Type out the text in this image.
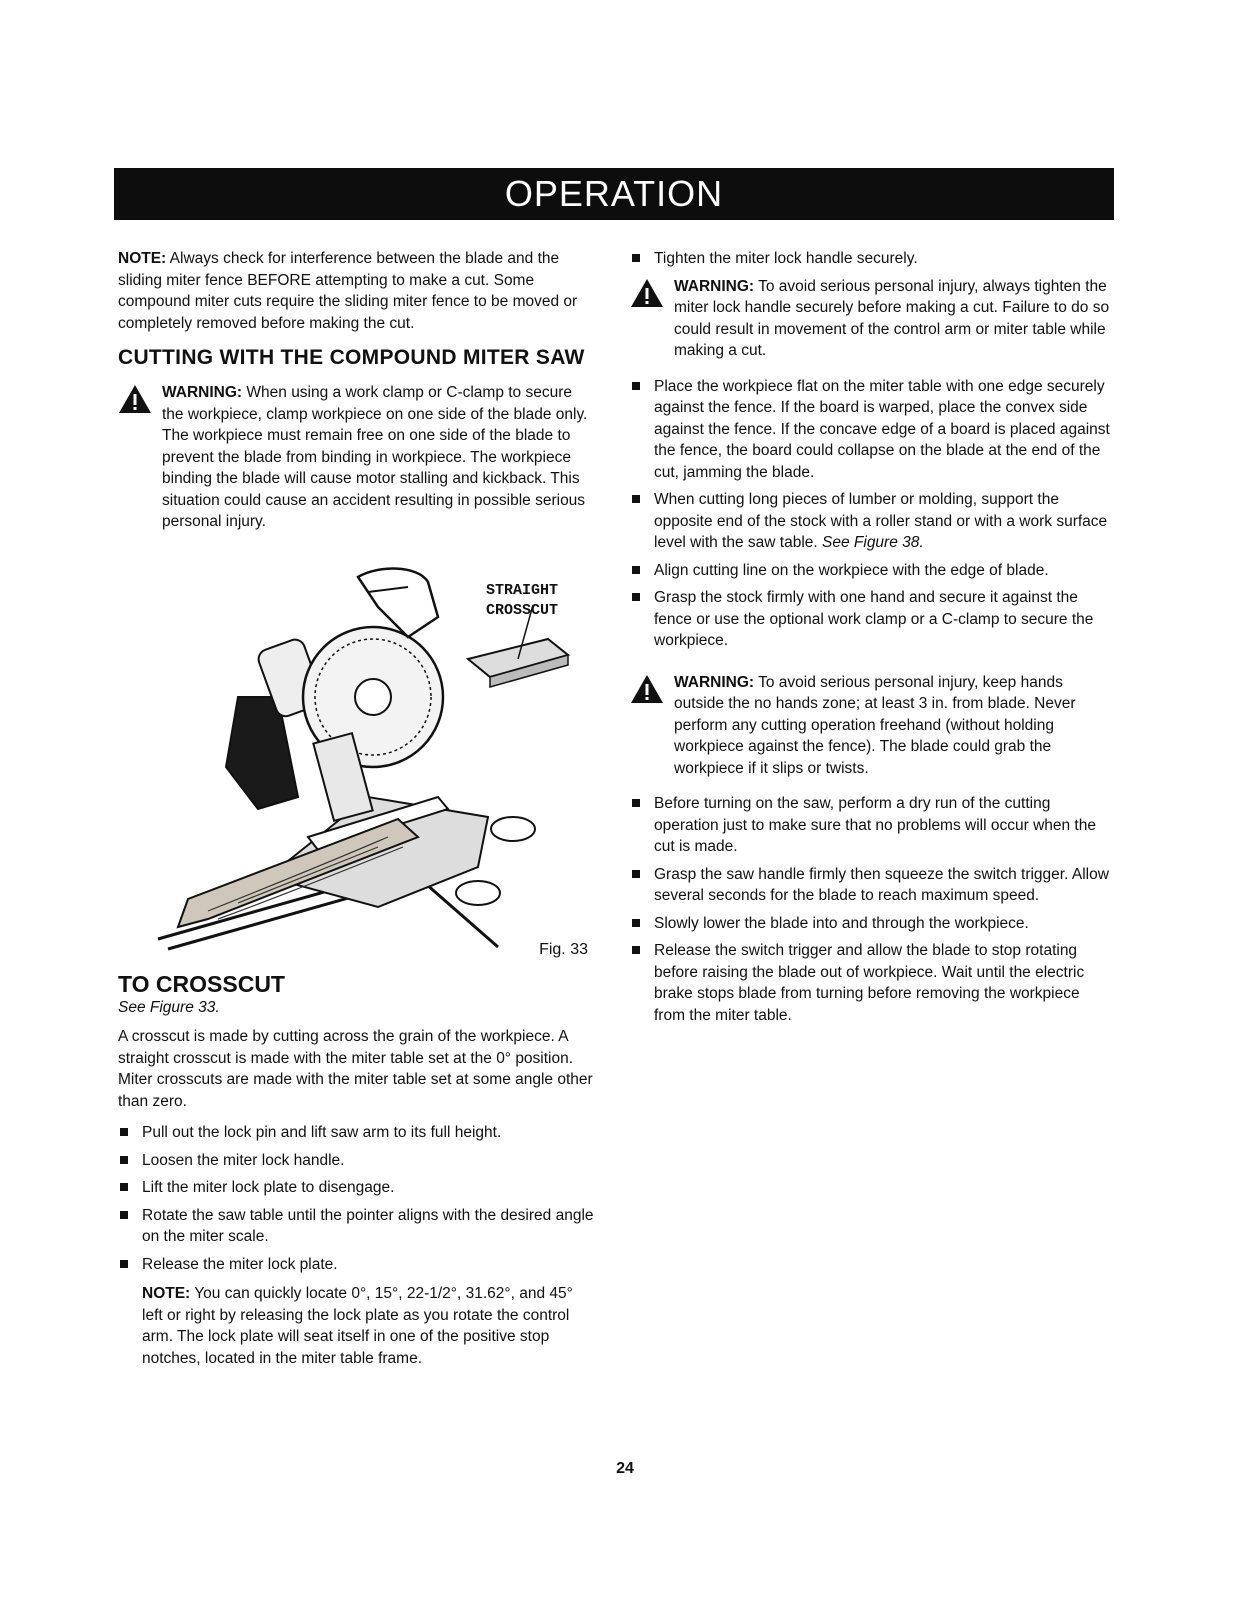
OPERATION

NOTE: Always check for interference between the blade and the sliding miter fence BEFORE attempting to make a cut. Some compound miter cuts require the sliding miter fence to be moved or completely removed before making the cut.

CUTTING WITH THE COMPOUND MITER SAW
WARNING: When using a work clamp or C-clamp to secure the workpiece, clamp workpiece on one side of the blade only. The workpiece must remain free on one side of the blade to prevent the blade from binding in workpiece. The workpiece binding the blade will cause motor stalling and kickback. This situation could cause an accident resulting in possible serious personal injury.
STRAIGHT
CROSSCUT
Fig. 33
TO CROSSCUT
See Figure 33.

A crosscut is made by cutting across the grain of the workpiece. A straight crosscut is made with the miter table set at the 0° position. Miter crosscuts are made with the miter table set at some angle other than zero.

Pull out the lock pin and lift saw arm to its full height.
Loosen the miter lock handle.
Lift the miter lock plate to disengage.
Rotate the saw table until the pointer aligns with the desired angle on the miter scale.
Release the miter lock plate.

NOTE: You can quickly locate 0°, 15°, 22-1/2°, 31.62°, and 45° left or right by releasing the lock plate as you rotate the control arm. The lock plate will seat itself in one of the positive stop notches, located in the miter table frame.

Tighten the miter lock handle securely.
WARNING: To avoid serious personal injury, always tighten the miter lock handle securely before making a cut. Failure to do so could result in movement of the control arm or miter table while making a cut.
Place the workpiece flat on the miter table with one edge securely against the fence. If the board is warped, place the convex side against the fence. If the concave edge of a board is placed against the fence, the board could collapse on the blade at the end of the cut, jamming the blade.
When cutting long pieces of lumber or molding, support the opposite end of the stock with a roller stand or with a work surface level with the saw table. See Figure 38.
Align cutting line on the workpiece with the edge of blade.
Grasp the stock firmly with one hand and secure it against the fence or use the optional work clamp or a C-clamp to secure the workpiece.
WARNING: To avoid serious personal injury, keep hands outside the no hands zone; at least 3 in. from blade. Never perform any cutting operation freehand (without holding workpiece against the fence). The blade could grab the workpiece if it slips or twists.
Before turning on the saw, perform a dry run of the cutting operation just to make sure that no problems will occur when the cut is made.
Grasp the saw handle firmly then squeeze the switch trigger. Allow several seconds for the blade to reach maximum speed.
Slowly lower the blade into and through the workpiece.
Release the switch trigger and allow the blade to stop rotating before raising the blade out of workpiece. Wait until the electric brake stops blade from turning before removing the workpiece from the miter table.
24
